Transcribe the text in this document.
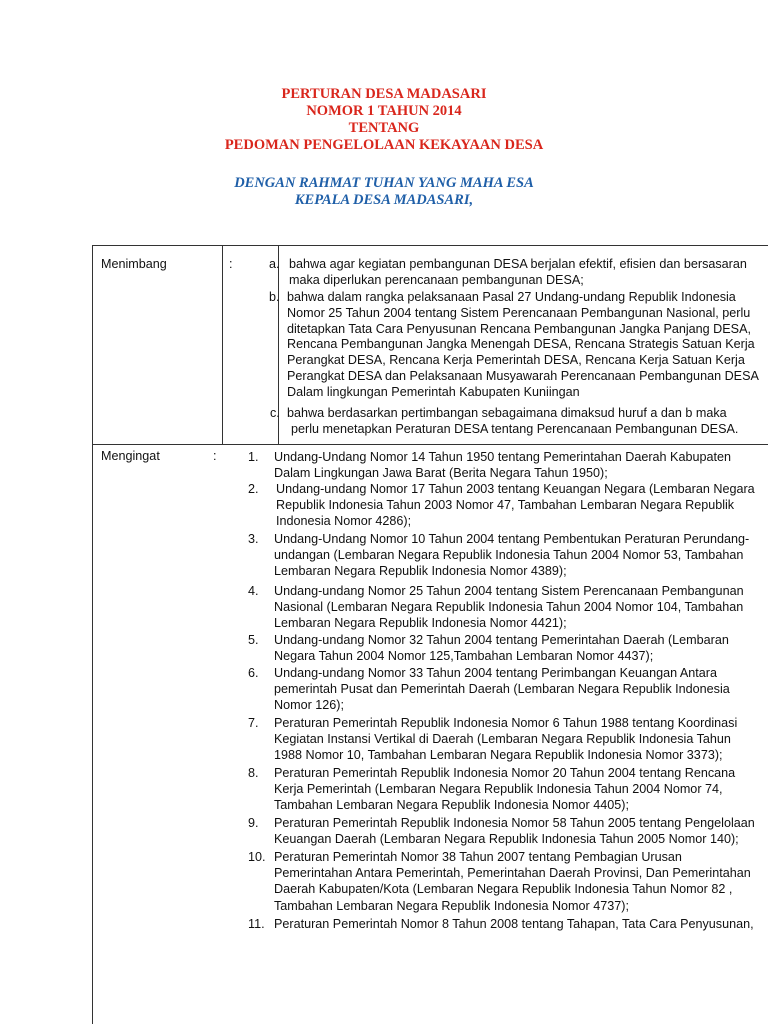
PERTURAN DESA MADASARI
NOMOR 1 TAHUN 2014
TENTANG
PEDOMAN PENGELOLAAN KEKAYAAN DESA
DENGAN RAHMAT TUHAN YANG MAHA ESA
KEPALA DESA MADASARI,
Menimbang	:	a. bahwa agar kegiatan pembangunan DESA berjalan efektif, efisien dan bersasaran
maka diperlukan perencanaan pembangunan DESA;
b. bahwa dalam rangka pelaksanaan Pasal 27 Undang-undang Republik Indonesia
Nomor 25 Tahun 2004 tentang Sistem Perencanaan Pembangunan Nasional, perlu
ditetapkan Tata Cara Penyusunan Rencana Pembangunan Jangka Panjang DESA,
Rencana Pembangunan Jangka Menengah DESA, Rencana Strategis Satuan Kerja
Perangkat DESA, Rencana Kerja Pemerintah DESA, Rencana Kerja Satuan Kerja
Perangkat DESA dan Pelaksanaan Musyawarah Perencanaan Pembangunan DESA
Dalam lingkungan Pemerintah Kabupaten Kuniingan
c. bahwa berdasarkan pertimbangan sebagaimana dimaksud huruf a dan b maka
perlu menetapkan Peraturan DESA tentang Perencanaan Pembangunan DESA.
Mengingat	:	1. Undang-Undang Nomor 14 Tahun 1950 tentang Pemerintahan Daerah Kabupaten
Dalam Lingkungan Jawa Barat (Berita Negara Tahun 1950);
2. Undang-undang Nomor 17 Tahun 2003 tentang Keuangan Negara (Lembaran Negara
Republik Indonesia Tahun 2003 Nomor 47, Tambahan Lembaran Negara Republik
Indonesia Nomor 4286);
3. Undang-Undang Nomor 10 Tahun 2004 tentang Pembentukan Peraturan Perundang-
undangan (Lembaran Negara Republik Indonesia Tahun 2004 Nomor 53, Tambahan
Lembaran Negara Republik Indonesia Nomor 4389);
4. Undang-undang Nomor 25 Tahun 2004 tentang Sistem Perencanaan Pembangunan
Nasional (Lembaran Negara Republik Indonesia Tahun 2004 Nomor 104, Tambahan
Lembaran Negara Republik Indonesia Nomor 4421);
5. Undang-undang Nomor 32 Tahun 2004 tentang Pemerintahan Daerah (Lembaran
Negara Tahun 2004 Nomor 125,Tambahan Lembaran Nomor 4437);
6. Undang-undang Nomor 33 Tahun 2004 tentang Perimbangan Keuangan Antara
pemerintah Pusat dan Pemerintah Daerah (Lembaran Negara Republik Indonesia
Nomor 126);
7. Peraturan Pemerintah Republik Indonesia Nomor 6 Tahun 1988 tentang Koordinasi
Kegiatan Instansi Vertikal di Daerah (Lembaran Negara Republik Indonesia Tahun
1988 Nomor 10, Tambahan Lembaran Negara Republik Indonesia Nomor 3373);
8. Peraturan Pemerintah Republik Indonesia Nomor 20 Tahun 2004 tentang Rencana
Kerja Pemerintah (Lembaran Negara Republik Indonesia Tahun 2004 Nomor 74,
Tambahan Lembaran Negara Republik Indonesia Nomor 4405);
9. Peraturan Pemerintah Republik Indonesia Nomor 58 Tahun 2005 tentang Pengelolaan
Keuangan Daerah (Lembaran Negara Republik Indonesia Tahun 2005 Nomor 140);
10. Peraturan Pemerintah Nomor 38 Tahun 2007 tentang Pembagian Urusan
Pemerintahan Antara Pemerintah, Pemerintahan Daerah Provinsi, Dan Pemerintahan
Daerah Kabupaten/Kota (Lembaran Negara Republik Indonesia Tahun Nomor 82 ,
Tambahan Lembaran Negara Republik Indonesia Nomor 4737);
11. Peraturan Pemerintah Nomor 8 Tahun 2008 tentang Tahapan, Tata Cara Penyusunan,
